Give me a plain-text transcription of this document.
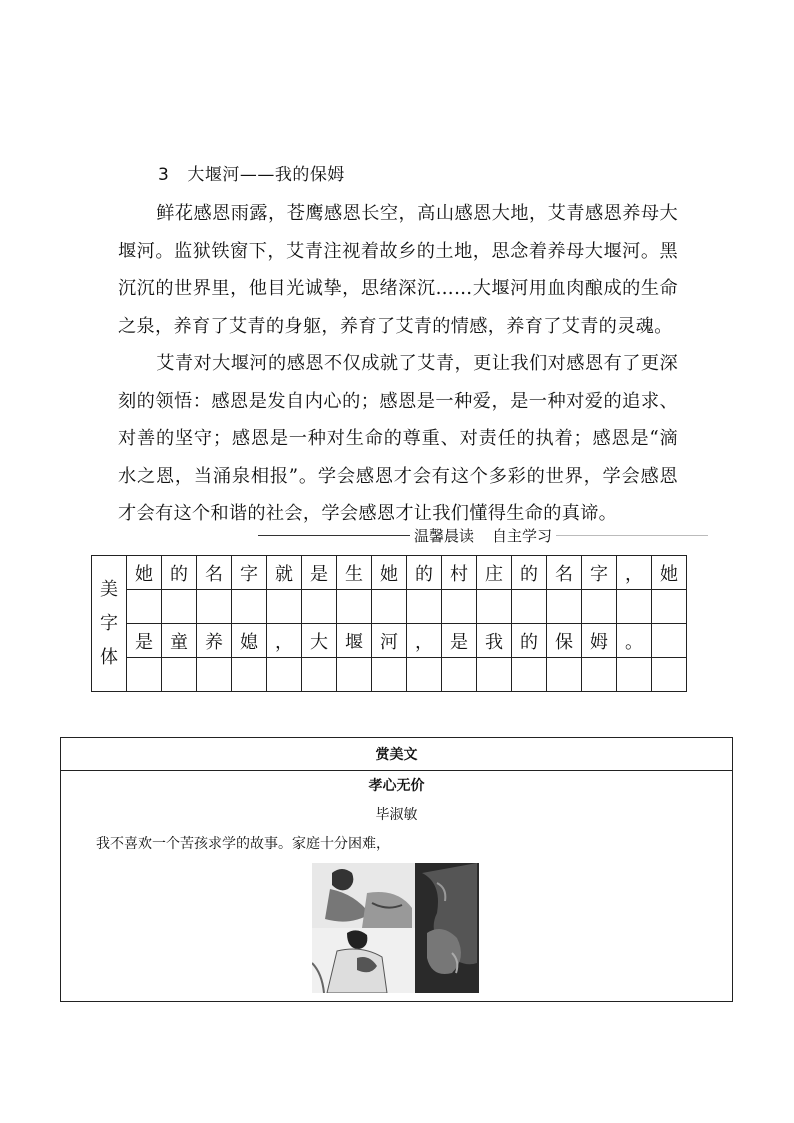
3 大堰河——我的保姆

鲜花感恩雨露，苍鹰感恩长空，高山感恩大地，艾青感恩养母大堰河。监狱铁窗下，艾青注视着故乡的土地，思念着养母大堰河。黑沉沉的世界里，他目光诚挚，思绪深沉……大堰河用血肉酿成的生命之泉，养育了艾青的身躯，养育了艾青的情感，养育了艾青的灵魂。

艾青对大堰河的感恩不仅成就了艾青，更让我们对感恩有了更深刻的领悟：感恩是发自内心的；感恩是一种爱，是一种对爱的追求、对善的坚守；感恩是一种对生命的尊重、对责任的执着；感恩是“滴水之恩，当涌泉相报”。学会感恩才会有这个多彩的世界，学会感恩才会有这个和谐的社会，学会感恩才让我们懂得生命的真谛。

温馨晨读 自主学习
美
字
体	她	的	名	字	就	是	生	她	的	村	庄	的	名	字	，	她

	是	童	养	媳	，	大	堰	河	，	是	我	的	保	姆	。	

赏美文
孝心无价
毕淑敏
我不喜欢一个苦孩求学的故事。家庭十分困难，
